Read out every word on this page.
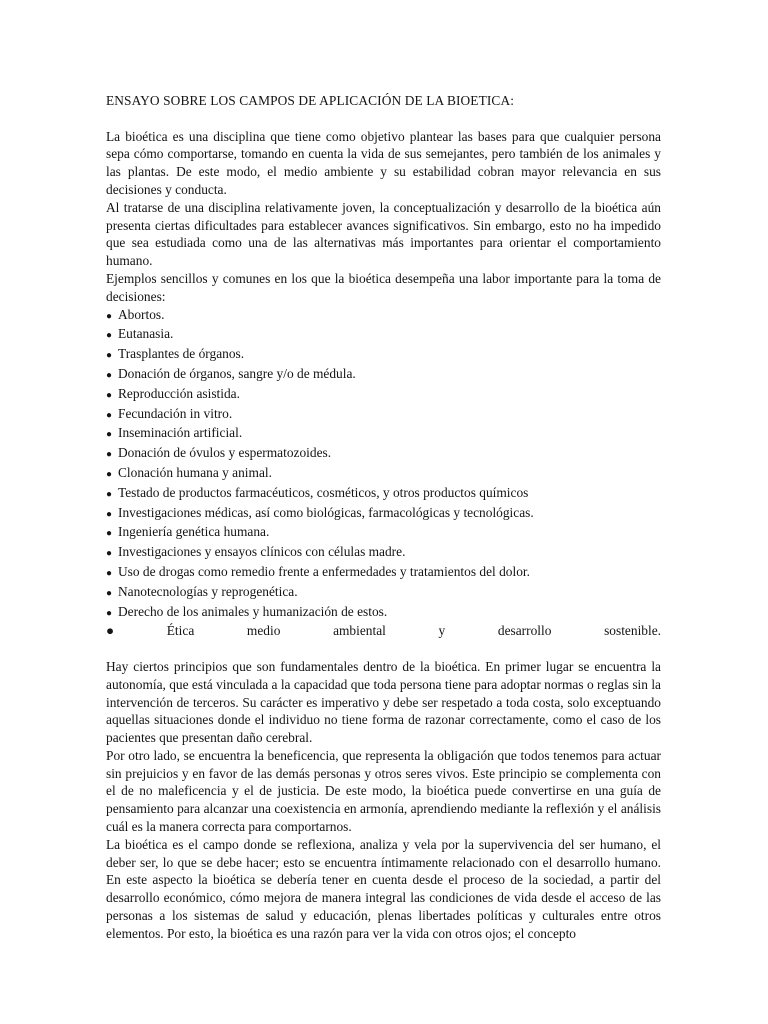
ENSAYO SOBRE LOS CAMPOS DE APLICACIÓN DE LA BIOETICA:

La bioética es una disciplina que tiene como objetivo plantear las bases para que cualquier persona sepa cómo comportarse, tomando en cuenta la vida de sus semejantes, pero también de los animales y las plantas. De este modo, el medio ambiente y su estabilidad cobran mayor relevancia en sus decisiones y conducta.

Al tratarse de una disciplina relativamente joven, la conceptualización y desarrollo de la bioética aún presenta ciertas dificultades para establecer avances significativos. Sin embargo, esto no ha impedido que sea estudiada como una de las alternativas más importantes para orientar el comportamiento humano.

Ejemplos sencillos y comunes en los que la bioética desempeña una labor importante para la toma de decisiones:

● Abortos.
● Eutanasia.
● Trasplantes de órganos.
● Donación de órganos, sangre y/o de médula.
● Reproducción asistida.
● Fecundación in vitro.
● Inseminación artificial.
● Donación de óvulos y espermatozoides.
● Clonación humana y animal.
● Testado de productos farmacéuticos, cosméticos, y otros productos químicos
● Investigaciones médicas, así como biológicas, farmacológicas y tecnológicas.
● Ingeniería genética humana.
● Investigaciones y ensayos clínicos con células madre.
● Uso de drogas como remedio frente a enfermedades y tratamientos del dolor.
● Nanotecnologías y reprogenética.
● Derecho de los animales y humanización de estos.
●	Ética	medio	ambiental	y	desarrollo	sostenible.

Hay ciertos principios que son fundamentales dentro de la bioética. En primer lugar se encuentra la autonomía, que está vinculada a la capacidad que toda persona tiene para adoptar normas o reglas sin la intervención de terceros. Su carácter es imperativo y debe ser respetado a toda costa, solo exceptuando aquellas situaciones donde el individuo no tiene forma de razonar correctamente, como el caso de los pacientes que presentan daño cerebral.

Por otro lado, se encuentra la beneficencia, que representa la obligación que todos tenemos para actuar sin prejuicios y en favor de las demás personas y otros seres vivos. Este principio se complementa con el de no maleficencia y el de justicia. De este modo, la bioética puede convertirse en una guía de pensamiento para alcanzar una coexistencia en armonía, aprendiendo mediante la reflexión y el análisis cuál es la manera correcta para comportarnos.

La bioética es el campo donde se reflexiona, analiza y vela por la supervivencia del ser humano, el deber ser, lo que se debe hacer; esto se encuentra íntimamente relacionado con el desarrollo humano. En este aspecto la bioética se debería tener en cuenta desde el proceso de la sociedad, a partir del desarrollo económico, cómo mejora de manera integral las condiciones de vida desde el acceso de las personas a los sistemas de salud y educación, plenas libertades políticas y culturales entre otros elementos. Por esto, la bioética es una razón para ver la vida con otros ojos; el concepto
